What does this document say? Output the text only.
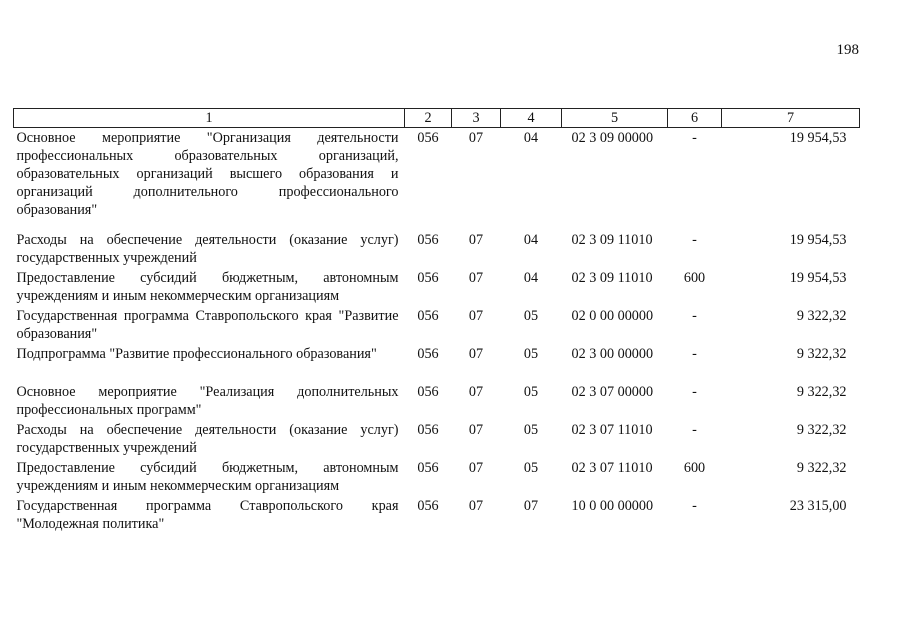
198
1	2	3	4	5	6	7
Основное мероприятие "Организация деятельности профессиональных образовательных организаций, образовательных организаций высшего образования и организаций дополнительного профессионального образования"	056	07	04	02 3 09 00000	-	19 954,53
Расходы на обеспечение деятельности (оказание услуг) государственных учреждений	056	07	04	02 3 09 11010	-	19 954,53
Предоставление субсидий бюджетным, автономным учреждениям и иным некоммерческим организациям	056	07	04	02 3 09 11010	600	19 954,53
Государственная программа Ставропольского края "Развитие образования"	056	07	05	02 0 00 00000	-	9 322,32
Подпрограмма "Развитие профессионального образования"	056	07	05	02 3 00 00000	-	9 322,32
Основное мероприятие "Реализация дополнительных профессиональных программ"	056	07	05	02 3 07 00000	-	9 322,32
Расходы на обеспечение деятельности (оказание услуг) государственных учреждений	056	07	05	02 3 07 11010	-	9 322,32
Предоставление субсидий бюджетным, автономным учреждениям и иным некоммерческим организациям	056	07	05	02 3 07 11010	600	9 322,32
Государственная программа Ставропольского края "Молодежная политика"	056	07	07	10 0 00 00000	-	23 315,00
